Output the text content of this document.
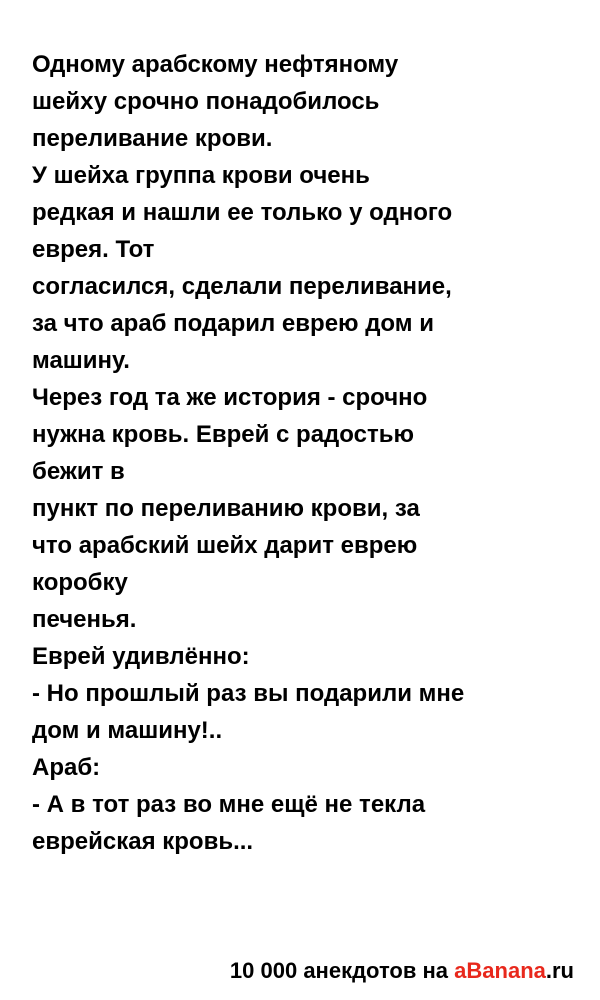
Одному арабскому нефтяному
шейху срочно понадобилось
переливание крови.
У шейха группа крови очень
редкая и нашли ее только у одного
еврея. Тот
согласился, сделали переливание,
за что араб подарил еврею дом и
машину.
Через год та же история - срочно
нужна кровь. Еврей с радостью
бежит в
пункт по переливанию крови, за
что арабский шейх дарит еврею
коробку
печенья.
Еврей удивлённо:
- Но прошлый раз вы подарили мне
дом и машину!..
Араб:
- А в тот раз во мне ещё не текла
еврейская кровь...
10 000 анекдотов на aBanana.ru
